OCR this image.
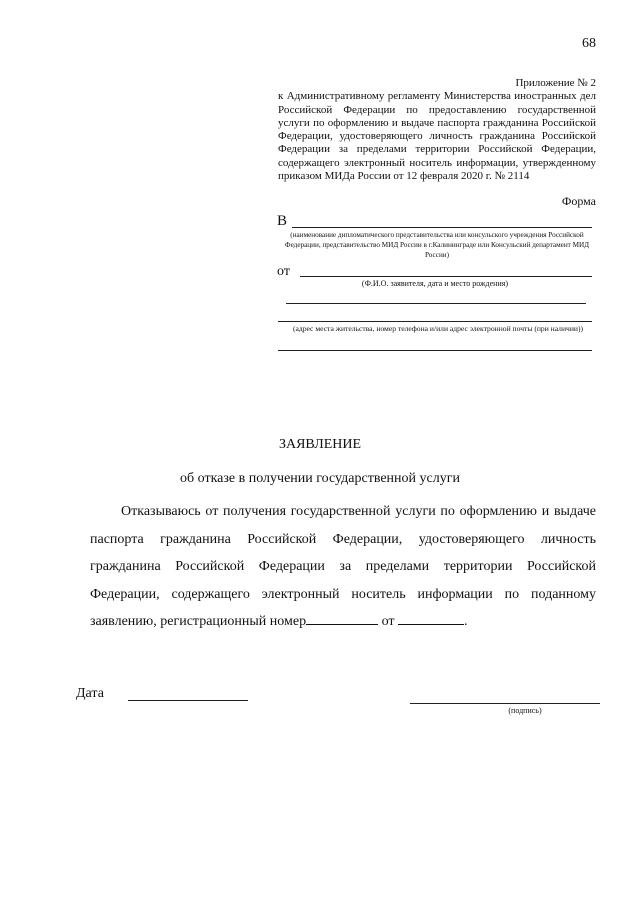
68
Приложение № 2
к Административному регламенту Министерства иностранных дел Российской Федерации по предоставлению государственной услуги по оформлению и выдаче паспорта гражданина Российской Федерации, удостоверяющего личность гражданина Российской Федерации за пределами территории Российской Федерации, содержащего электронный носитель информации, утвержденному приказом МИДа России от 12 февраля 2020 г. № 2114
Форма
В
(наименование дипломатического представительства или консульского учреждения Российской Федерации, представительство МИД России в г.Калининграде или Консульский департамент МИД России)
от
(Ф.И.О. заявителя, дата и место рождения)
(адрес места жительства, номер телефона и/или адрес электронной почты (при наличии))
ЗАЯВЛЕНИЕ
об отказе в получении государственной услуги

Отказываюсь от получения государственной услуги по оформлению и выдаче паспорта гражданина Российской Федерации, удостоверяющего личность гражданина Российской Федерации за пределами территории Российской Федерации, содержащего электронный носитель информации по поданному заявлению, регистрационный номер	от	.

Дата
(подпись)
